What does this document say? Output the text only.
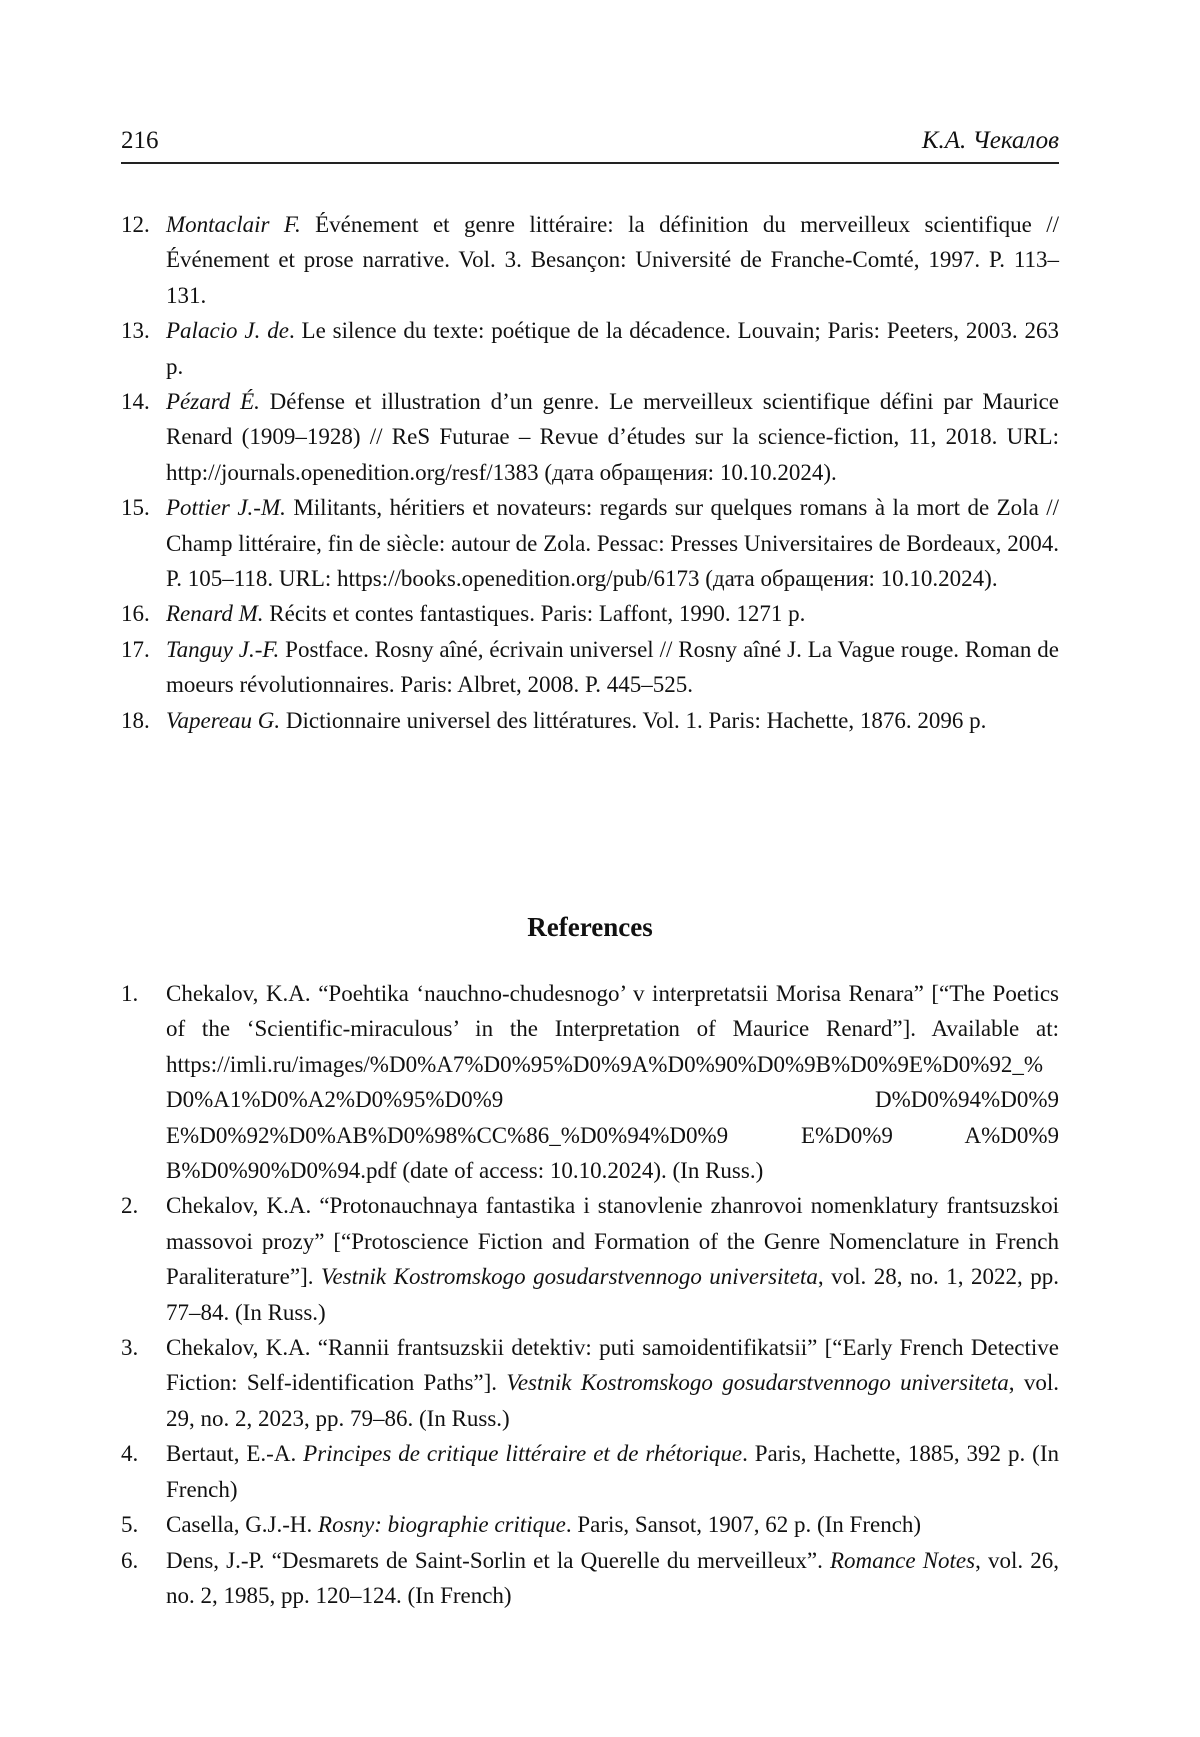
216	К.А. Чекалов
12. Montaclair F. Événement et genre littéraire: la définition du merveilleux scientifique // Événement et prose narrative. Vol. 3. Besançon: Université de Franche-Comté, 1997. P. 113–131.
13. Palacio J. de. Le silence du texte: poétique de la décadence. Louvain; Paris: Peeters, 2003. 263 p.
14. Pézard É. Défense et illustration d’un genre. Le merveilleux scientifique défini par Maurice Renard (1909–1928) // ReS Futurae – Revue d’études sur la science-fiction, 11, 2018. URL: http://journals.openedition.org/resf/1383 (дата обращения: 10.10.2024).
15. Pottier J.-M. Militants, héritiers et novateurs: regards sur quelques romans à la mort de Zola // Champ littéraire, fin de siècle: autour de Zola. Pessac: Presses Universitaires de Bordeaux, 2004. P. 105–118. URL: https://books.openedition.org/pub/6173 (дата обращения: 10.10.2024).
16. Renard M. Récits et contes fantastiques. Paris: Laffont, 1990. 1271 p.
17. Tanguy J.-F. Postface. Rosny aîné, écrivain universel // Rosny aîné J. La Vague rouge. Roman de moeurs révolutionnaires. Paris: Albret, 2008. P. 445–525.
18. Vapereau G. Dictionnaire universel des littératures. Vol. 1. Paris: Hachette, 1876. 2096 p.
References
1.	Chekalov, K.A. “Poehtika ‘nauchno-chudesnogo’ v interpretatsii Morisa Renara” [“The Poetics of the ‘Scientific-miraculous’ in the Interpretation of Maurice Renard”]. Available at: https://imli.ru/images/%D0%A7%D0%95%D0%9A%D0%90%D0%9B%D0%9E%D0%92_%D0%A1%D0%A2%D0%95%D0%9 D%D0%94%D0%9 E%D0%92%D0%AB%D0%98%CC%86_%D0%94%D0%9 E%D0%9 A%D0%9 B%D0%90%D0%94.pdf (date of access: 10.10.2024). (In Russ.)
2.	Chekalov, K.A. “Protonauchnaya fantastika i stanovlenie zhanrovoi nomenklatury frantsuzskoi massovoi prozy” [“Protoscience Fiction and Formation of the Genre Nomenclature in French Paraliterature”]. Vestnik Kostromskogo gosudarstvennogo universiteta, vol. 28, no. 1, 2022, pp. 77–84. (In Russ.)
3.	Chekalov, K.A. “Rannii frantsuzskii detektiv: puti samoidentifikatsii” [“Early French Detective Fiction: Self-identification Paths”]. Vestnik Kostromskogo gosudarstvennogo universiteta, vol. 29, no. 2, 2023, pp. 79–86. (In Russ.)
4.	Bertaut, E.-A. Principes de critique littéraire et de rhétorique. Paris, Hachette, 1885, 392 p. (In French)
5.	Casella, G.J.-H. Rosny: biographie critique. Paris, Sansot, 1907, 62 p. (In French)
6.	Dens, J.-P. “Desmarets de Saint-Sorlin et la Querelle du merveilleux”. Romance Notes, vol. 26, no. 2, 1985, pp. 120–124. (In French)
